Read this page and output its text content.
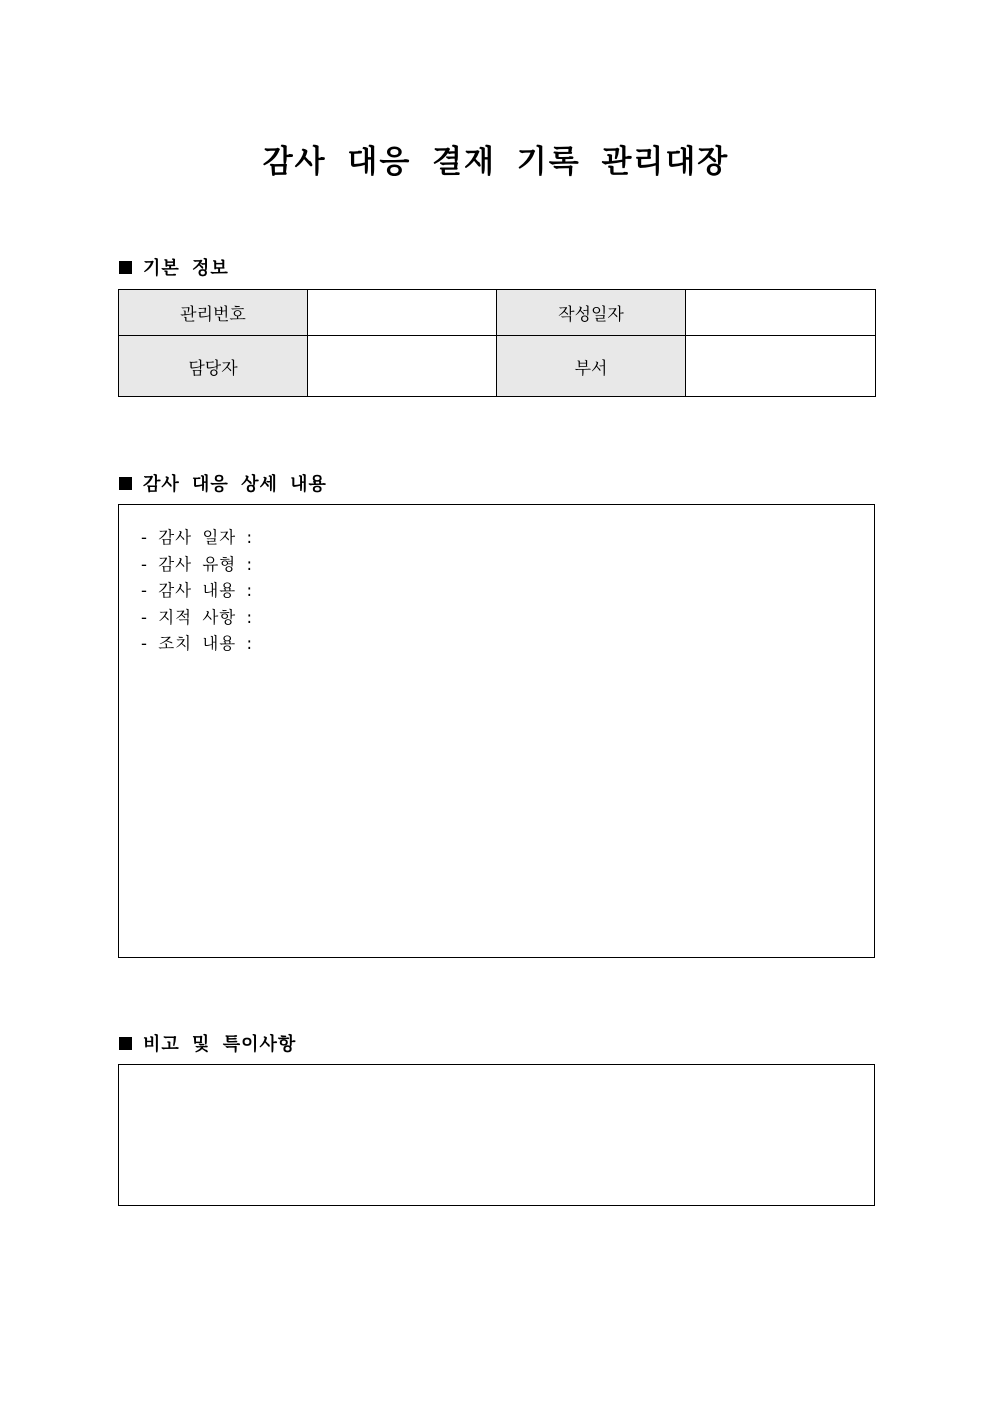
감사 대응 결재 기록 관리대장
기본 정보
관리번호		작성일자	
담당자		부서	
감사 대응 상세 내용
- 감사 일자 :
- 감사 유형 :
- 감사 내용 :
- 지적 사항 :
- 조치 내용 :
비고 및 특이사항
